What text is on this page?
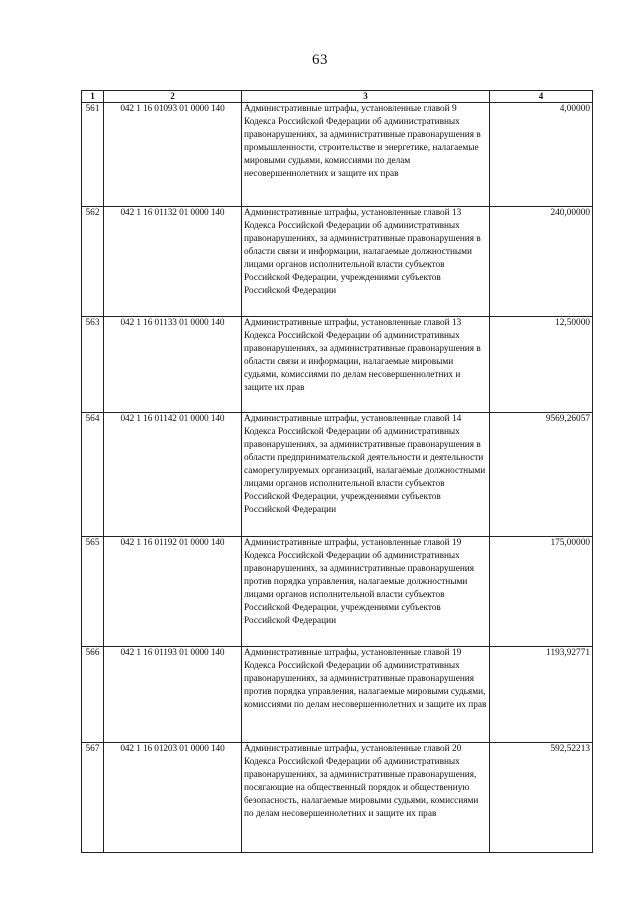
63
1	2	3	4
561	042 1 16 01093 01 0000 140	Административные штрафы, установленные главой 9 Кодекса Российской Федерации об административных правонарушениях, за административные правонарушения в промышленности, строительстве и энергетике, налагаемые мировыми судьями, комиссиями по делам несовершеннолетних и защите их прав	4,00000
562	042 1 16 01132 01 0000 140	Административные штрафы, установленные главой 13 Кодекса Российской Федерации об административных правонарушениях, за административные правонарушения в области связи и информации, налагаемые должностными лицами органов исполнительной власти субъектов Российской Федерации, учреждениями субъектов Российской Федерации	240,00000
563	042 1 16 01133 01 0000 140	Административные штрафы, установленные главой 13 Кодекса Российской Федерации об административных правонарушениях, за административные правонарушения в области связи и информации, налагаемые мировыми судьями, комиссиями по делам несовершеннолетних и защите их прав	12,50000
564	042 1 16 01142 01 0000 140	Административные штрафы, установленные главой 14 Кодекса Российской Федерации об административных правонарушениях, за административные правонарушения в области предпринимательской деятельности и деятельности саморегулируемых организаций, налагаемые должностными лицами органов исполнительной власти субъектов Российской Федерации, учреждениями субъектов Российской Федерации	9569,26057
565	042 1 16 01192 01 0000 140	Административные штрафы, установленные главой 19 Кодекса Российской Федерации об административных правонарушениях, за административные правонарушения против порядка управления, налагаемые должностными лицами органов исполнительной власти субъектов Российской Федерации, учреждениями субъектов Российской Федерации	175,00000
566	042 1 16 01193 01 0000 140	Административные штрафы, установленные главой 19 Кодекса Российской Федерации об административных правонарушениях, за административные правонарушения против порядка управления, налагаемые мировыми судьями, комиссиями по делам несовершеннолетних и защите их прав	1193,92771
567	042 1 16 01203 01 0000 140	Административные штрафы, установленные главой 20 Кодекса Российской Федерации об административных правонарушениях, за административные правонарушения, посягающие на общественный порядок и общественную безопасность, налагаемые мировыми судьями, комиссиями по делам несовершеннолетних и защите их прав	592,52213
